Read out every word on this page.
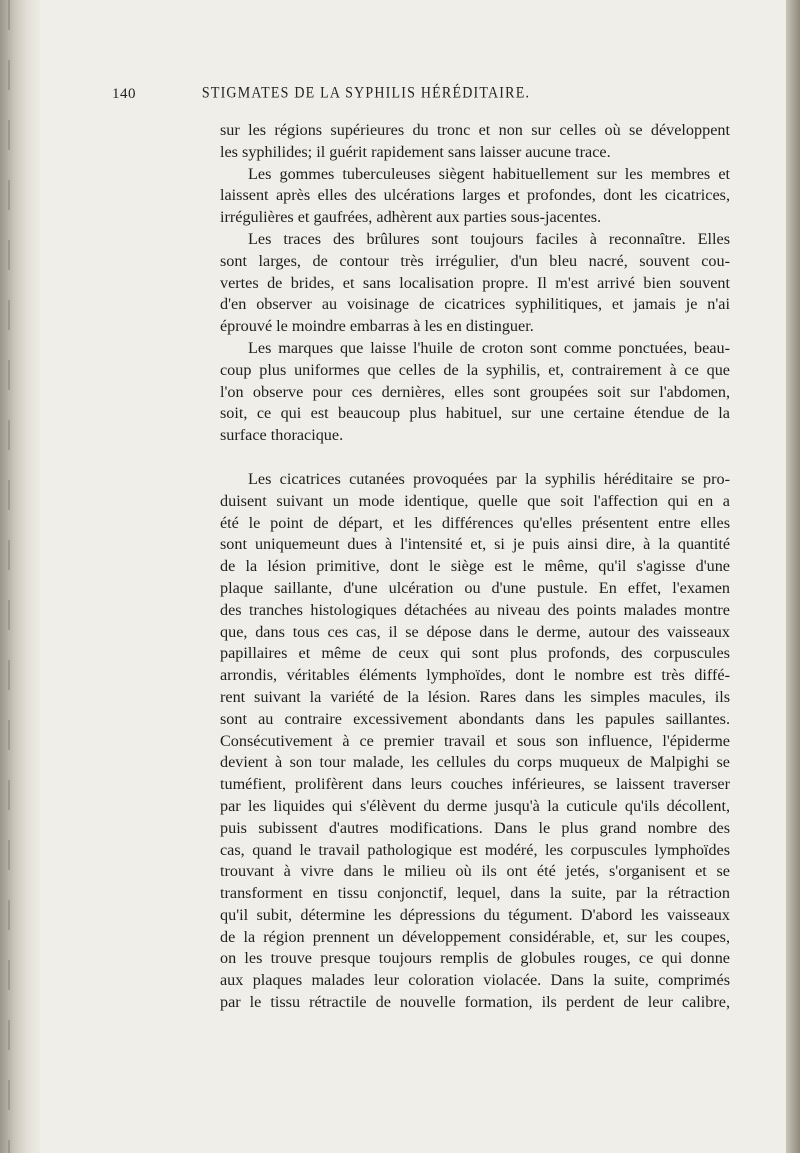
140	STIGMATES DE LA SYPHILIS HÉRÉDITAIRE.

sur les régions supérieures du tronc et non sur celles où se développent
les syphilides; il guérit rapidement sans laisser aucune trace.

Les gommes tuberculeuses siègent habituellement sur les membres et
laissent après elles des ulcérations larges et profondes, dont les cicatrices,
irrégulières et gaufrées, adhèrent aux parties sous-jacentes.

Les traces des brûlures sont toujours faciles à reconnaître. Elles
sont larges, de contour très irrégulier, d'un bleu nacré, souvent cou-
vertes de brides, et sans localisation propre. Il m'est arrivé bien souvent
d'en observer au voisinage de cicatrices syphilitiques, et jamais je n'ai
éprouvé le moindre embarras à les en distinguer.

Les marques que laisse l'huile de croton sont comme ponctuées, beau-
coup plus uniformes que celles de la syphilis, et, contrairement à ce que
l'on observe pour ces dernières, elles sont groupées soit sur l'abdomen,
soit, ce qui est beaucoup plus habituel, sur une certaine étendue de la
surface thoracique.

Les cicatrices cutanées provoquées par la syphilis héréditaire se pro-
duisent suivant un mode identique, quelle que soit l'affection qui en a
été le point de départ, et les différences qu'elles présentent entre elles
sont uniquemeunt dues à l'intensité et, si je puis ainsi dire, à la quantité
de la lésion primitive, dont le siège est le même, qu'il s'agisse d'une
plaque saillante, d'une ulcération ou d'une pustule. En effet, l'examen
des tranches histologiques détachées au niveau des points malades montre
que, dans tous ces cas, il se dépose dans le derme, autour des vaisseaux
papillaires et même de ceux qui sont plus profonds, des corpuscules
arrondis, véritables éléments lymphoïdes, dont le nombre est très diffé-
rent suivant la variété de la lésion. Rares dans les simples macules, ils
sont au contraire excessivement abondants dans les papules saillantes.
Consécutivement à ce premier travail et sous son influence, l'épiderme
devient à son tour malade, les cellules du corps muqueux de Malpighi se
tuméfient, prolifèrent dans leurs couches inférieures, se laissent traverser
par les liquides qui s'élèvent du derme jusqu'à la cuticule qu'ils décollent,
puis subissent d'autres modifications. Dans le plus grand nombre des
cas, quand le travail pathologique est modéré, les corpuscules lymphoïdes
trouvant à vivre dans le milieu où ils ont été jetés, s'organisent et se
transforment en tissu conjonctif, lequel, dans la suite, par la rétraction
qu'il subit, détermine les dépressions du tégument. D'abord les vaisseaux
de la région prennent un développement considérable, et, sur les coupes,
on les trouve presque toujours remplis de globules rouges, ce qui donne
aux plaques malades leur coloration violacée. Dans la suite, comprimés
par le tissu rétractile de nouvelle formation, ils perdent de leur calibre,
